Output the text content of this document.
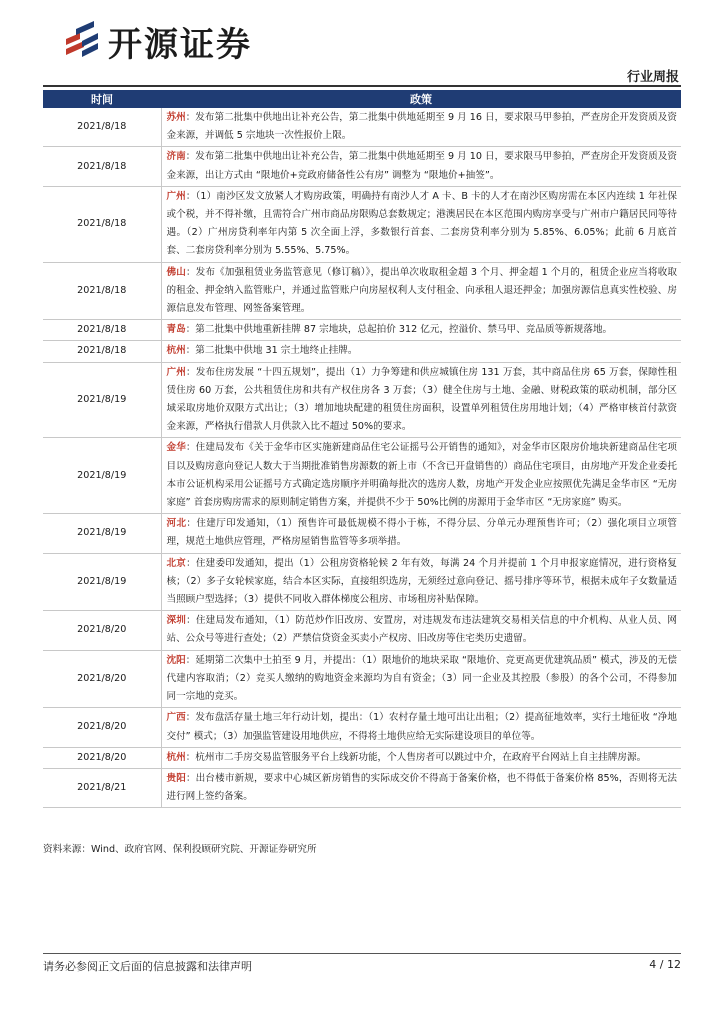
开源证券
行业周报
时间	政策
2021/8/18	苏州：发布第二批集中供地出让补充公告，第二批集中供地延期至 9 月 16 日，要求限马甲参拍，严查房企开发资质及资金来源，并调低 5 宗地块一次性报价上限。
2021/8/18	济南：发布第二批集中供地出让补充公告，第二批集中供地延期至 9 月 10 日，要求限马甲参拍，严查房企开发资质及资金来源，出让方式由 “限地价+竞政府储备性公有房” 调整为 “限地价+抽签”。
2021/8/18	广州：（1）南沙区发文放紧人才购房政策，明确持有南沙人才 A 卡、B 卡的人才在南沙区购房需在本区内连续 1 年社保或个税，并不得补缴，且需符合广州市商品房限购总套数规定；港澳居民在本区范围内购房享受与广州市户籍居民同等待遇。（2）广州房贷利率年内第 5 次全面上浮，多数银行首套、二套房贷利率分别为 5.85%、6.05%；此前 6 月底首套、二套房贷利率分别为 5.55%、5.75%。
2021/8/18	佛山：发布《加强租赁业务监管意见（修订稿）》，提出单次收取租金超 3 个月、押金超 1 个月的，租赁企业应当将收取的租金、押金纳入监管账户，并通过监管账户向房屋权利人支付租金、向承租人退还押金；加强房源信息真实性校验、房源信息发布管理、网签备案管理。
2021/8/18	青岛：第二批集中供地重新挂牌 87 宗地块，总起拍价 312 亿元，控溢价、禁马甲、竞品质等新规落地。
2021/8/18	杭州：第二批集中供地 31 宗土地终止挂牌。
2021/8/19	广州：发布住房发展 “十四五规划”，提出（1）力争筹建和供应城镇住房 131 万套，其中商品住房 65 万套，保障性租赁住房 60 万套，公共租赁住房和共有产权住房各 3 万套；（3）健全住房与土地、金融、财税政策的联动机制，部分区域采取房地价双限方式出让；（3）增加地块配建的租赁住房面积，设置单列租赁住房用地计划；（4）严格审核首付款资金来源，严格执行借款人月供款入比不超过 50%的要求。
2021/8/19	金华：住建局发布《关于金华市区实施新建商品住宅公证摇号公开销售的通知》，对金华市区限房价地块新建商品住宅项目以及购房意向登记人数大于当期批准销售房源数的新上市（不含已开盘销售的）商品住宅项目，由房地产开发企业委托本市公证机构采用公证摇号方式确定选房顺序并明确每批次的选房人数，房地产开发企业应按照优先满足金华市区 “无房家庭” 首套房购房需求的原则制定销售方案，并提供不少于 50%比例的房源用于金华市区 “无房家庭” 购买。
2021/8/19	河北：住建厅印发通知，（1）预售许可最低规模不得小于栋，不得分层、分单元办理预售许可；（2）强化项目立项管理，规范土地供应管理，严格房屋销售监管等多项举措。
2021/8/19	北京：住建委印发通知，提出（1）公租房资格轮候 2 年有效，每满 24 个月并提前 1 个月申报家庭情况，进行资格复核；（2）多子女轮候家庭，结合本区实际，直接组织选房，无须经过意向登记、摇号排序等环节，根据未成年子女数量适当照顾户型选择；（3）提供不同收入群体梯度公租房、市场租房补贴保障。
2021/8/20	深圳：住建局发布通知，（1）防范炒作旧改房、安置房，对违规发布违法建筑交易相关信息的中介机构、从业人员、网站、公众号等进行查处；（2）严禁信贷资金买卖小产权房、旧改房等住宅类历史遗留。
2021/8/20	沈阳：延期第二次集中土拍至 9 月，并提出：（1）限地价的地块采取 “限地价、竞更高更优建筑品质” 模式，涉及的无偿代建内容取消；（2）竞买人缴纳的购地资金来源均为自有资金；（3）同一企业及其控股（参股）的各个公司，不得参加同一宗地的竞买。
2021/8/20	广西：发布盘活存量土地三年行动计划，提出：（1）农村存量土地可出让出租；（2）提高征地效率，实行土地征收 “净地交付” 模式；（3）加强监管建设用地供应，不得将土地供应给无实际建设项目的单位等。
2021/8/20	杭州：杭州市二手房交易监管服务平台上线新功能，个人售房者可以跳过中介，在政府平台网站上自主挂牌房源。
2021/8/21	贵阳：出台楼市新规，要求中心城区新房销售的实际成交价不得高于备案价格，也不得低于备案价格 85%，否则将无法进行网上签约备案。
资料来源：Wind、政府官网、保利投顾研究院、开源证券研究所
请务必参阅正文后面的信息披露和法律声明	4 / 12
